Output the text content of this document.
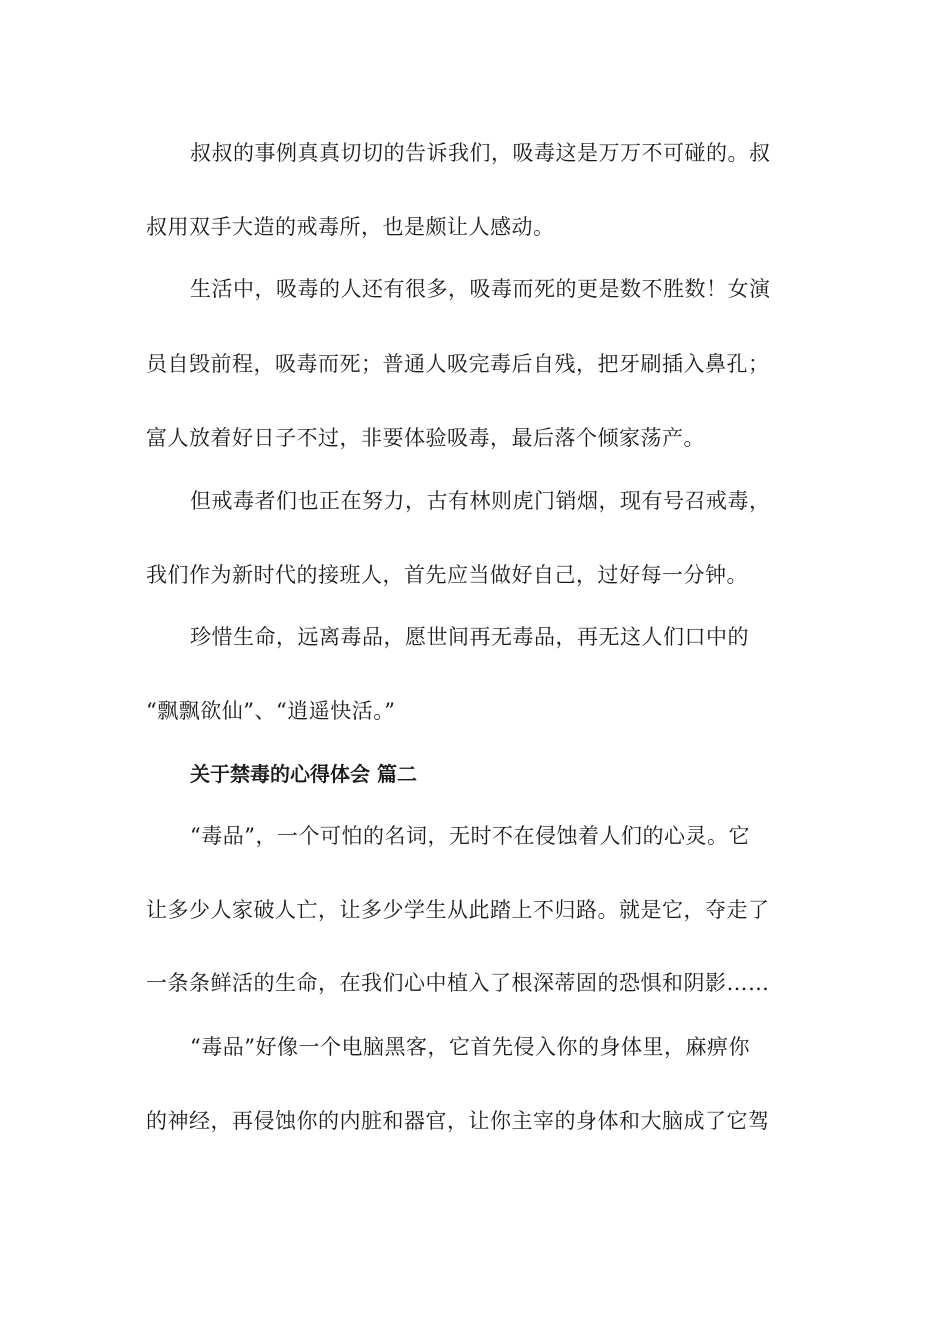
叔叔的事例真真切切的告诉我们，吸毒这是万万不可碰的。叔

叔用双手大造的戒毒所，也是颇让人感动。

生活中，吸毒的人还有很多，吸毒而死的更是数不胜数！女演

员自毁前程，吸毒而死；普通人吸完毒后自残，把牙刷插入鼻孔；

富人放着好日子不过，非要体验吸毒，最后落个倾家荡产。

但戒毒者们也正在努力，古有林则虎门销烟，现有号召戒毒，

我们作为新时代的接班人，首先应当做好自己，过好每一分钟。

珍惜生命，远离毒品，愿世间再无毒品，再无这人们口中的

“飘飘欲仙”、“逍遥快活。”

关于禁毒的心得体会 篇二

“毒品”，一个可怕的名词，无时不在侵蚀着人们的心灵。它

让多少人家破人亡，让多少学生从此踏上不归路。就是它，夺走了

一条条鲜活的生命，在我们心中植入了根深蒂固的恐惧和阴影……

“毒品”好像一个电脑黑客，它首先侵入你的身体里，麻痹你

的神经，再侵蚀你的内脏和器官，让你主宰的身体和大脑成了它驾
